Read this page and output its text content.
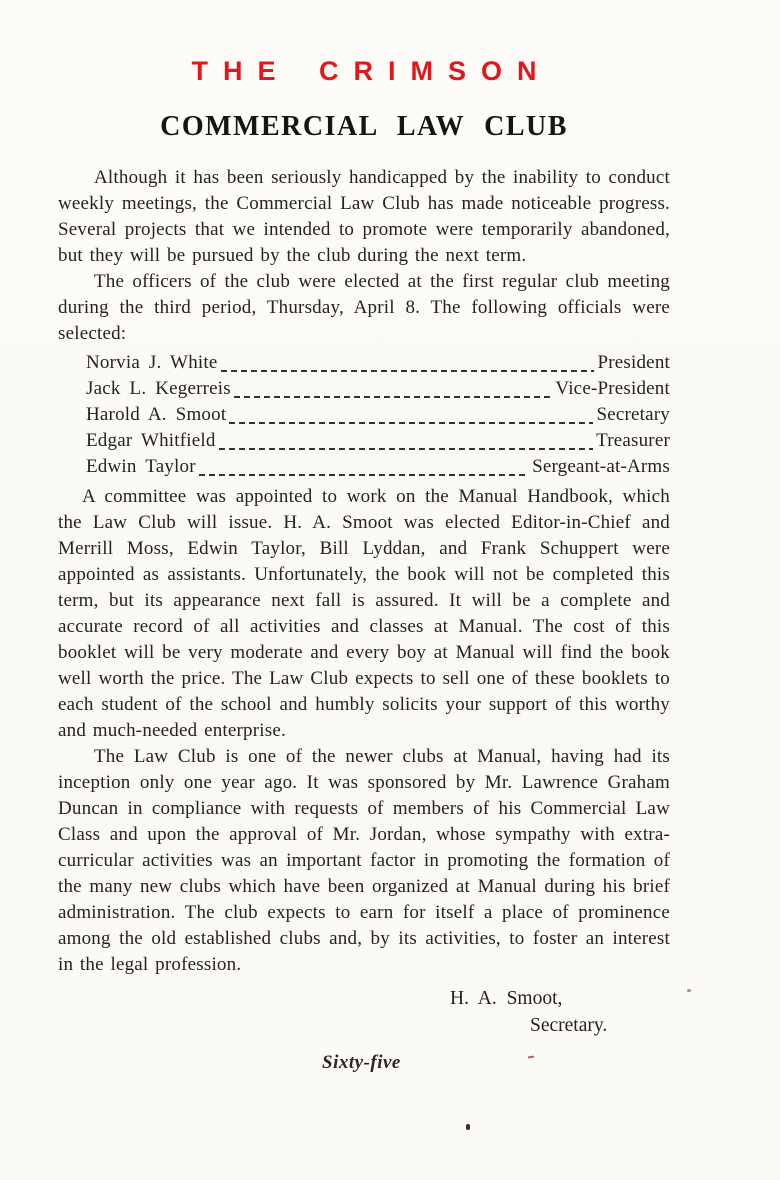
THE CRIMSON
COMMERCIAL LAW CLUB

Although it has been seriously handicapped by the inability to conduct weekly meetings, the Commercial Law Club has made noticeable progress. Several projects that we intended to promote were temporarily abandoned, but they will be pursued by the club during the next term.

The officers of the club were elected at the first regular club meeting during the third period, Thursday, April 8. The following officials were selected:

Norvia J. White	President
Jack L. Kegerreis	Vice-President
Harold A. Smoot	Secretary
Edgar Whitfield	Treasurer
Edwin Taylor	Sergeant-at-Arms

A committee was appointed to work on the Manual Handbook, which the Law Club will issue. H. A. Smoot was elected Editor-in-Chief and Merrill Moss, Edwin Taylor, Bill Lyddan, and Frank Schuppert were appointed as assistants. Unfortunately, the book will not be completed this term, but its appearance next fall is assured. It will be a complete and accurate record of all activities and classes at Manual. The cost of this booklet will be very moderate and every boy at Manual will find the book well worth the price. The Law Club expects to sell one of these booklets to each student of the school and humbly solicits your support of this worthy and much-needed enterprise.

The Law Club is one of the newer clubs at Manual, having had its inception only one year ago. It was sponsored by Mr. Lawrence Graham Duncan in compliance with requests of members of his Commercial Law Class and upon the approval of Mr. Jordan, whose sympathy with extra-curricular activities was an important factor in promoting the formation of the many new clubs which have been organized at Manual during his brief administration. The club expects to earn for itself a place of prominence among the old established clubs and, by its activities, to foster an interest in the legal profession.

H. A. Smoot,
Secretary.
Sixty-five
